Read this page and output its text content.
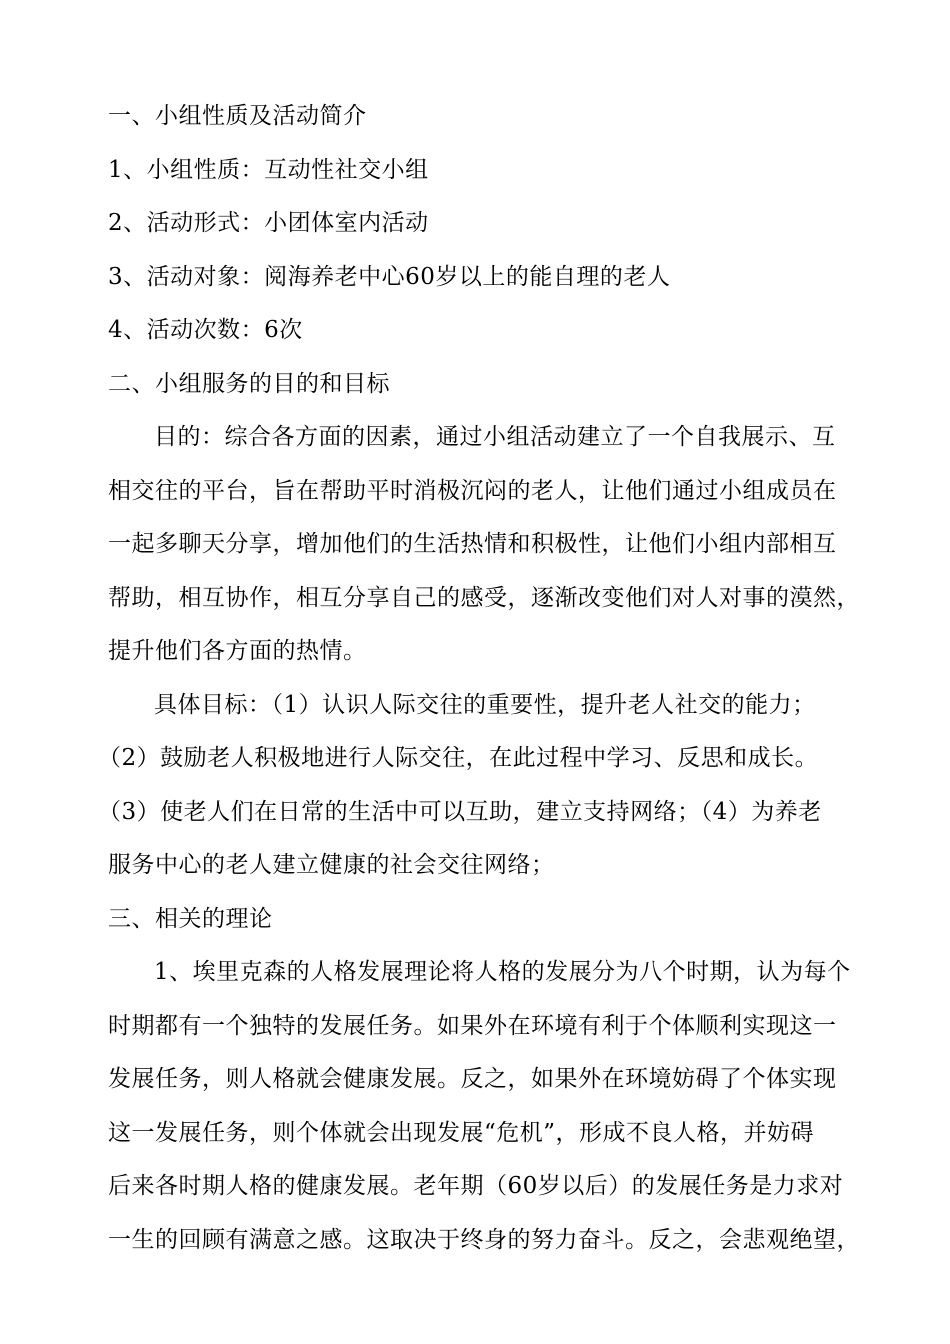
一、小组性质及活动简介
1、小组性质：互动性社交小组
2、活动形式：小团体室内活动
3、活动对象：阅海养老中心60岁以上的能自理的老人
4、活动次数：6次
二、小组服务的目的和目标
目的：综合各方面的因素，通过小组活动建立了一个自我展示、互
相交往的平台，旨在帮助平时消极沉闷的老人，让他们通过小组成员在
一起多聊天分享，增加他们的生活热情和积极性，让他们小组内部相互
帮助，相互协作，相互分享自己的感受，逐渐改变他们对人对事的漠然，
提升他们各方面的热情。
具体目标：（1）认识人际交往的重要性，提升老人社交的能力；
（2）鼓励老人积极地进行人际交往，在此过程中学习、反思和成长。
（3）使老人们在日常的生活中可以互助，建立支持网络；（4）为养老
服务中心的老人建立健康的社会交往网络；
三、相关的理论
1、埃里克森的人格发展理论将人格的发展分为八个时期，认为每个
时期都有一个独特的发展任务。如果外在环境有利于个体顺利实现这一
发展任务，则人格就会健康发展。反之，如果外在环境妨碍了个体实现
这一发展任务，则个体就会出现发展“危机”，形成不良人格，并妨碍
后来各时期人格的健康发展。老年期（60岁以后）的发展任务是力求对
一生的回顾有满意之感。这取决于终身的努力奋斗。反之，会悲观绝望，
